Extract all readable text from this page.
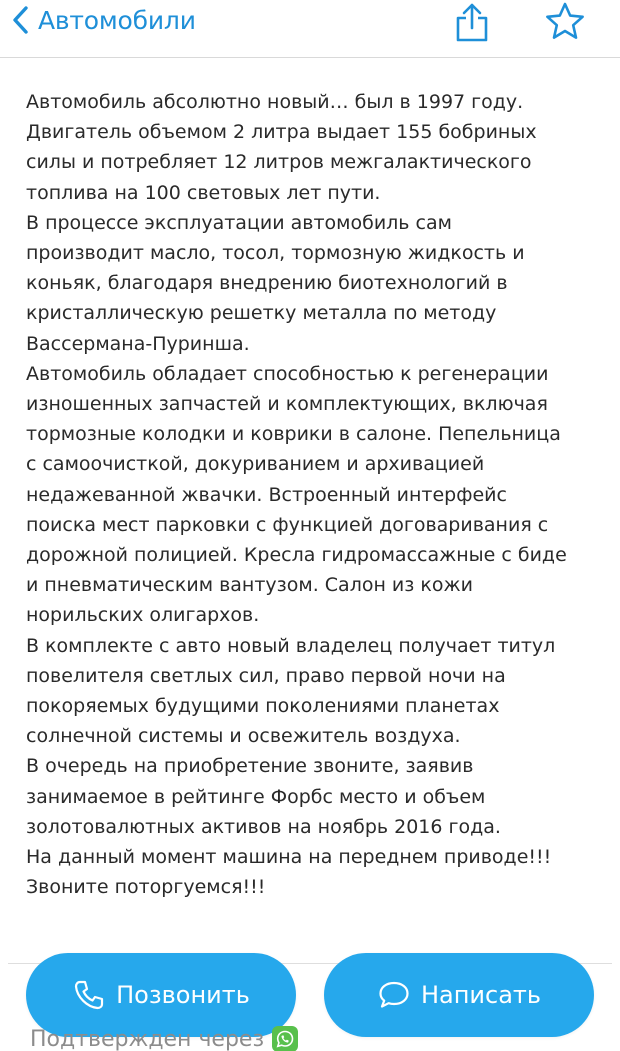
Автомобили
Автомобиль абсолютно новый… был в 1997 году.
Двигатель объемом 2 литра выдает 155 бобриных
силы и потребляет 12 литров межгалактического
топлива на 100 световых лет пути.
В процессе эксплуатации автомобиль сам
производит масло, тосол, тормозную жидкость и
коньяк, благодаря внедрению биотехнологий в
кристаллическую решетку металла по методу
Вассермана-Пуринша.
Автомобиль обладает способностью к регенерации
изношенных запчастей и комплектующих, включая
тормозные колодки и коврики в салоне. Пепельница
с самоочисткой, докуриванием и архивацией
недажеванной жвачки. Встроенный интерфейс
поиска мест парковки с функцией договаривания с
дорожной полицией. Кресла гидромассажные с биде
и пневматическим вантузом. Салон из кожи
норильских олигархов.
В комплекте с авто новый владелец получает титул
повелителя светлых сил, право первой ночи на
покоряемых будущими поколениями планетах
солнечной системы и освежитель воздуха.
В очередь на приобретение звоните, заявив
занимаемое в рейтинге Форбс место и объем
золотовалютных активов на ноябрь 2016 года.
На данный момент машина на переднем приводе!!!
Звоните поторгуемся!!!
Позвонить	Написать
Подтвержден через
